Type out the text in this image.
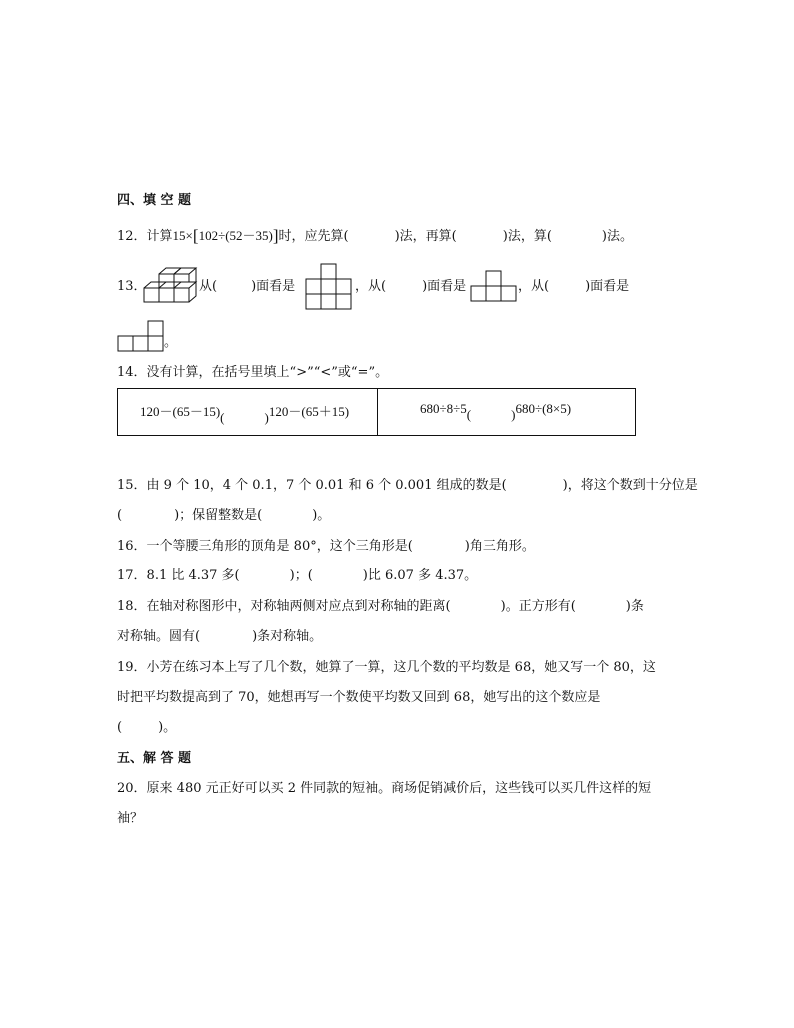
四、填 空 题
12．计算15×[102÷(52－35)]时，应先算(	)法，再算(	)法，算(	)法。
13．	从(	)面看是	，从(	)面看是	，从(	)面看是
。
14．没有计算，在括号里填上“>”“<”或“=”。
120－(65－15)(	)120－(65＋15)	680÷8÷5(	)680÷(8×5)
15．由 9 个 10，4 个 0.1，7 个 0.01 和 6 个 0.001 组成的数是(	)，将这个数到十分位是
(	)；保留整数是(	)。
16．一个等腰三角形的顶角是 80°，这个三角形是(	)角三角形。
17．8.1 比 4.37 多(	)；(	)比 6.07 多 4.37。
18．在轴对称图形中，对称轴两侧对应点到对称轴的距离(	)。正方形有(	)条
对称轴。圆有(	)条对称轴。
19．小芳在练习本上写了几个数，她算了一算，这几个数的平均数是 68，她又写一个 80，这
时把平均数提高到了 70，她想再写一个数使平均数又回到 68，她写出的这个数应是
(	)。
五、解 答 题
20．原来 480 元正好可以买 2 件同款的短袖。商场促销减价后，这些钱可以买几件这样的短
袖？
